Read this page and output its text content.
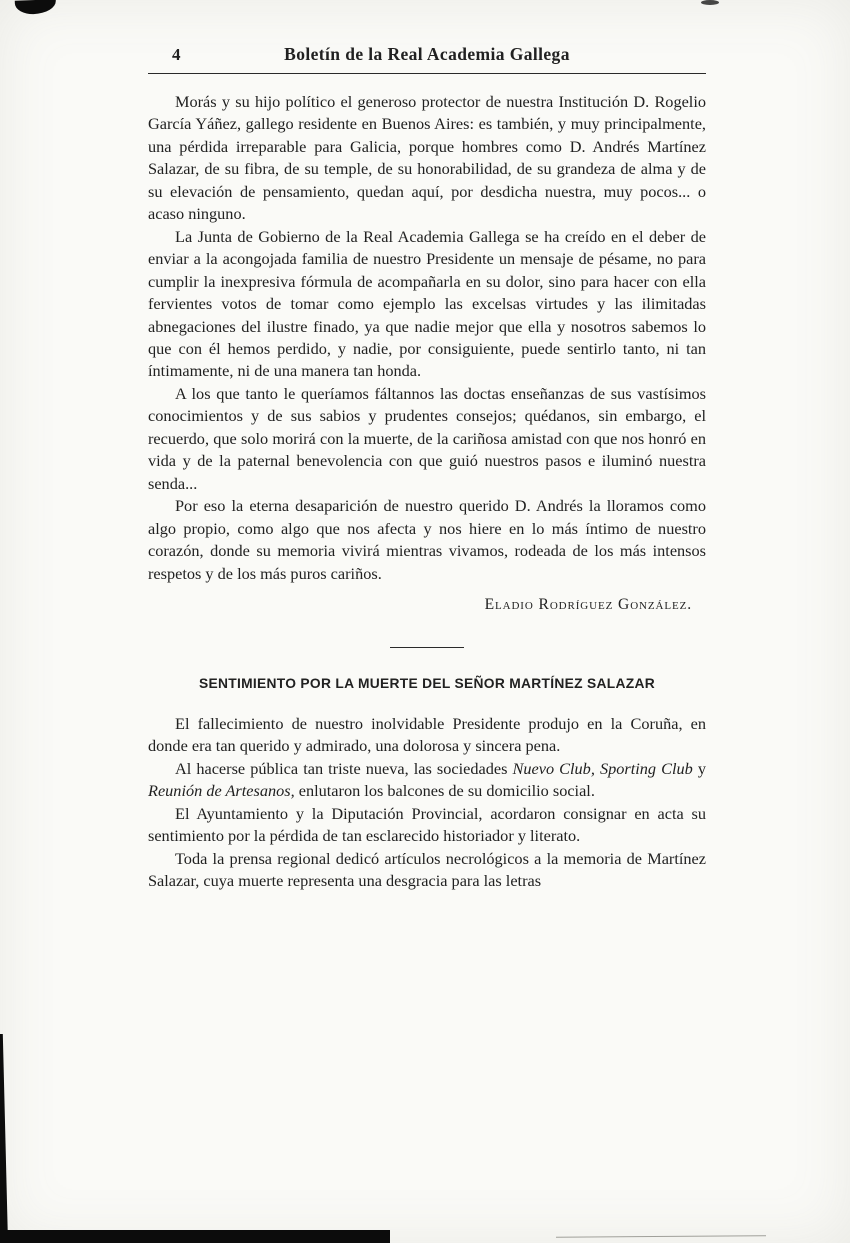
4	Boletín de la Real Academia Gallega

Morás y su hijo político el generoso protector de nuestra Institución D. Rogelio García Yáñez, gallego residente en Buenos Aires: es también, y muy principalmente, una pérdida irreparable para Galicia, porque hombres como D. Andrés Martínez Salazar, de su fibra, de su temple, de su honorabilidad, de su grandeza de alma y de su elevación de pensamiento, quedan aquí, por desdicha nuestra, muy pocos... o acaso ninguno.

La Junta de Gobierno de la Real Academia Gallega se ha creído en el deber de enviar a la acongojada familia de nuestro Presidente un mensaje de pésame, no para cumplir la inexpresiva fórmula de acompañarla en su dolor, sino para hacer con ella fervientes votos de tomar como ejemplo las excelsas virtudes y las ilimitadas abnegaciones del ilustre finado, ya que nadie mejor que ella y nosotros sabemos lo que con él hemos perdido, y nadie, por consiguiente, puede sentirlo tanto, ni tan íntimamente, ni de una manera tan honda.

A los que tanto le queríamos fáltannos las doctas enseñanzas de sus vastísimos conocimientos y de sus sabios y prudentes consejos; quédanos, sin embargo, el recuerdo, que solo morirá con la muerte, de la cariñosa amistad con que nos honró en vida y de la paternal benevolencia con que guió nuestros pasos e iluminó nuestra senda...

Por eso la eterna desaparición de nuestro querido D. Andrés la lloramos como algo propio, como algo que nos afecta y nos hiere en lo más íntimo de nuestro corazón, donde su memoria vivirá mientras vivamos, rodeada de los más intensos respetos y de los más puros cariños.

Eladio Rodríguez González.

SENTIMIENTO POR LA MUERTE DEL SEÑOR MARTÍNEZ SALAZAR

El fallecimiento de nuestro inolvidable Presidente produjo en la Coruña, en donde era tan querido y admirado, una dolorosa y sincera pena.

Al hacerse pública tan triste nueva, las sociedades Nuevo Club, Sporting Club y Reunión de Artesanos, enlutaron los balcones de su domicilio social.

El Ayuntamiento y la Diputación Provincial, acordaron consignar en acta su sentimiento por la pérdida de tan esclarecido historiador y literato.

Toda la prensa regional dedicó artículos necrológicos a la memoria de Martínez Salazar, cuya muerte representa una desgracia para las letras
